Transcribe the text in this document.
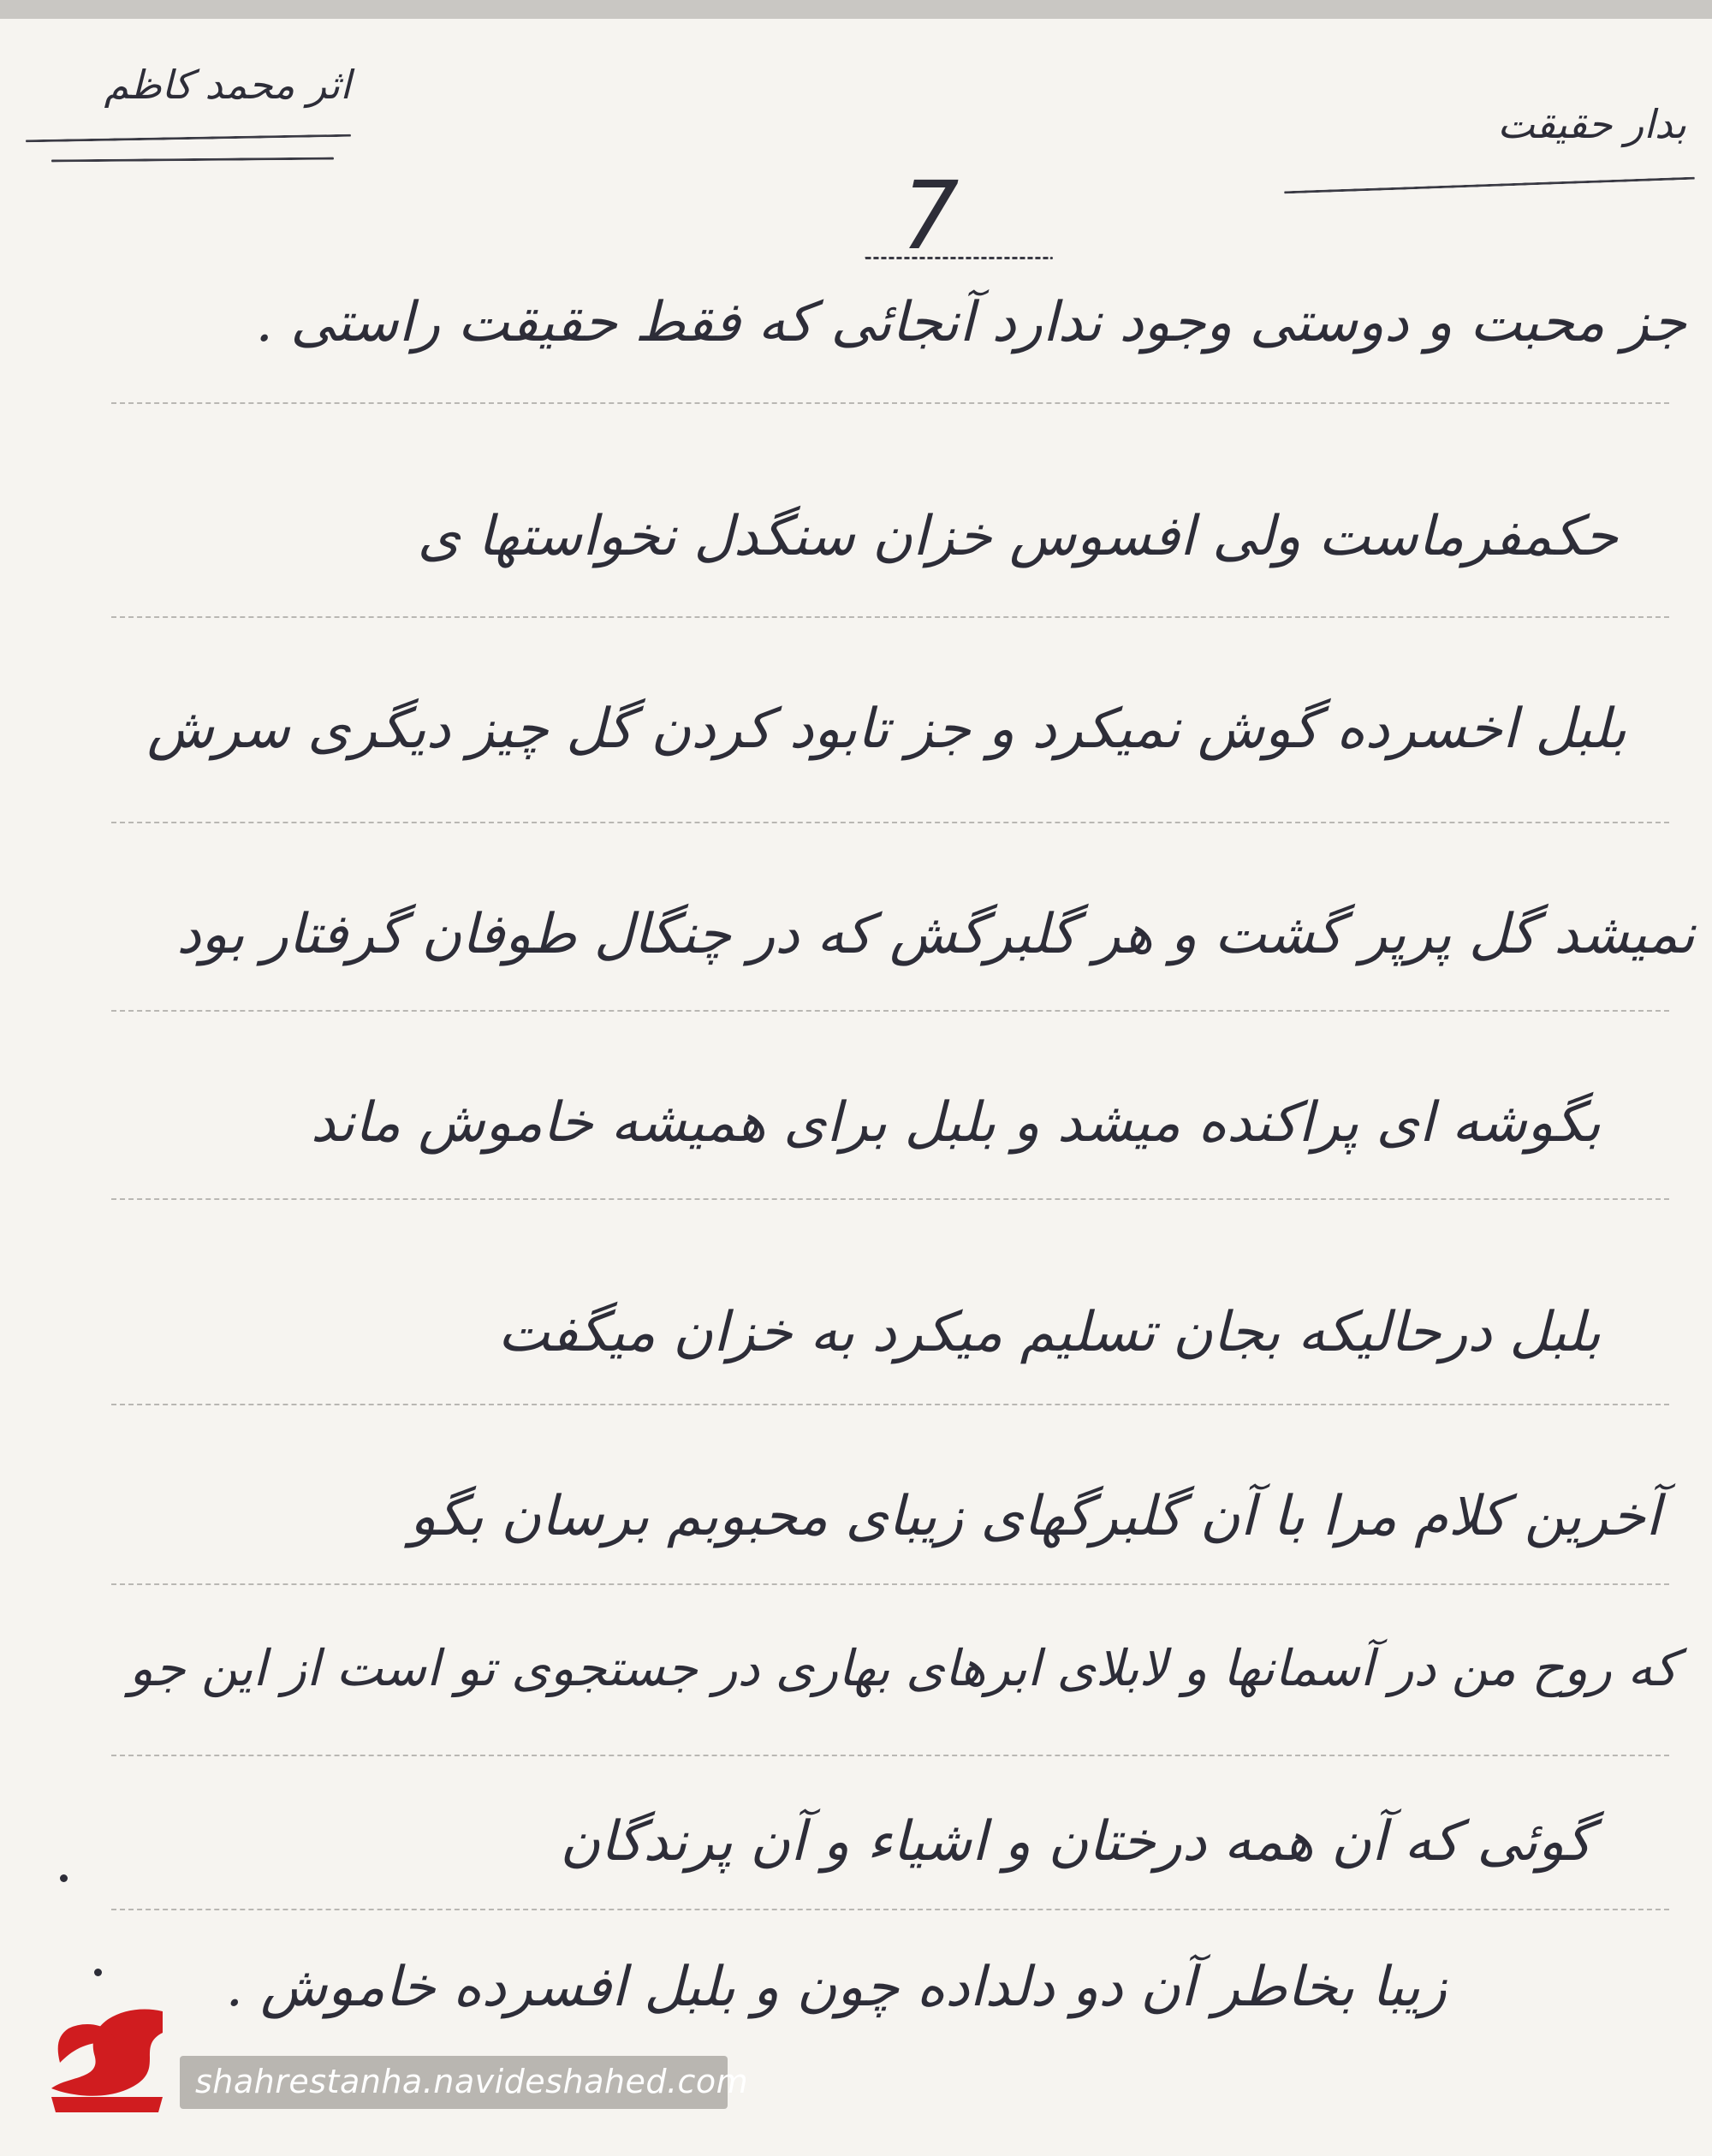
اثر محمد کاظم
بدار حقیقت
7
جز محبت و دوستی وجود ندارد آنجائی که فقط حقیقت راستی .
حکمفرماست ولی افسوس خزان سنگدل نخواستها ی
بلبل اخسرده گوش نمیکرد و جز تابود کردن گل چیز دیگری سرش
نمیشد گل پرپر گشت و هر گلبرگش که در چنگال طوفان گرفتار بود
بگوشه ای پراکنده میشد و بلبل برای همیشه خاموش ماند
بلبل درحالیکه بجان تسلیم میکرد به خزان میگفت
آخرین کلام مرا با آن گلبرگهای زیبای محبوبم برسان بگو
که روح من در آسمانها و لابلای ابرهای بهاری در جستجوی تو است از این جو
گوئی که آن همه درختان و اشیاء و آن پرندگان
زیبا بخاطر آن دو دلداده چون و بلبل افسرده خاموش .
shahrestanha.navideshahed.com
